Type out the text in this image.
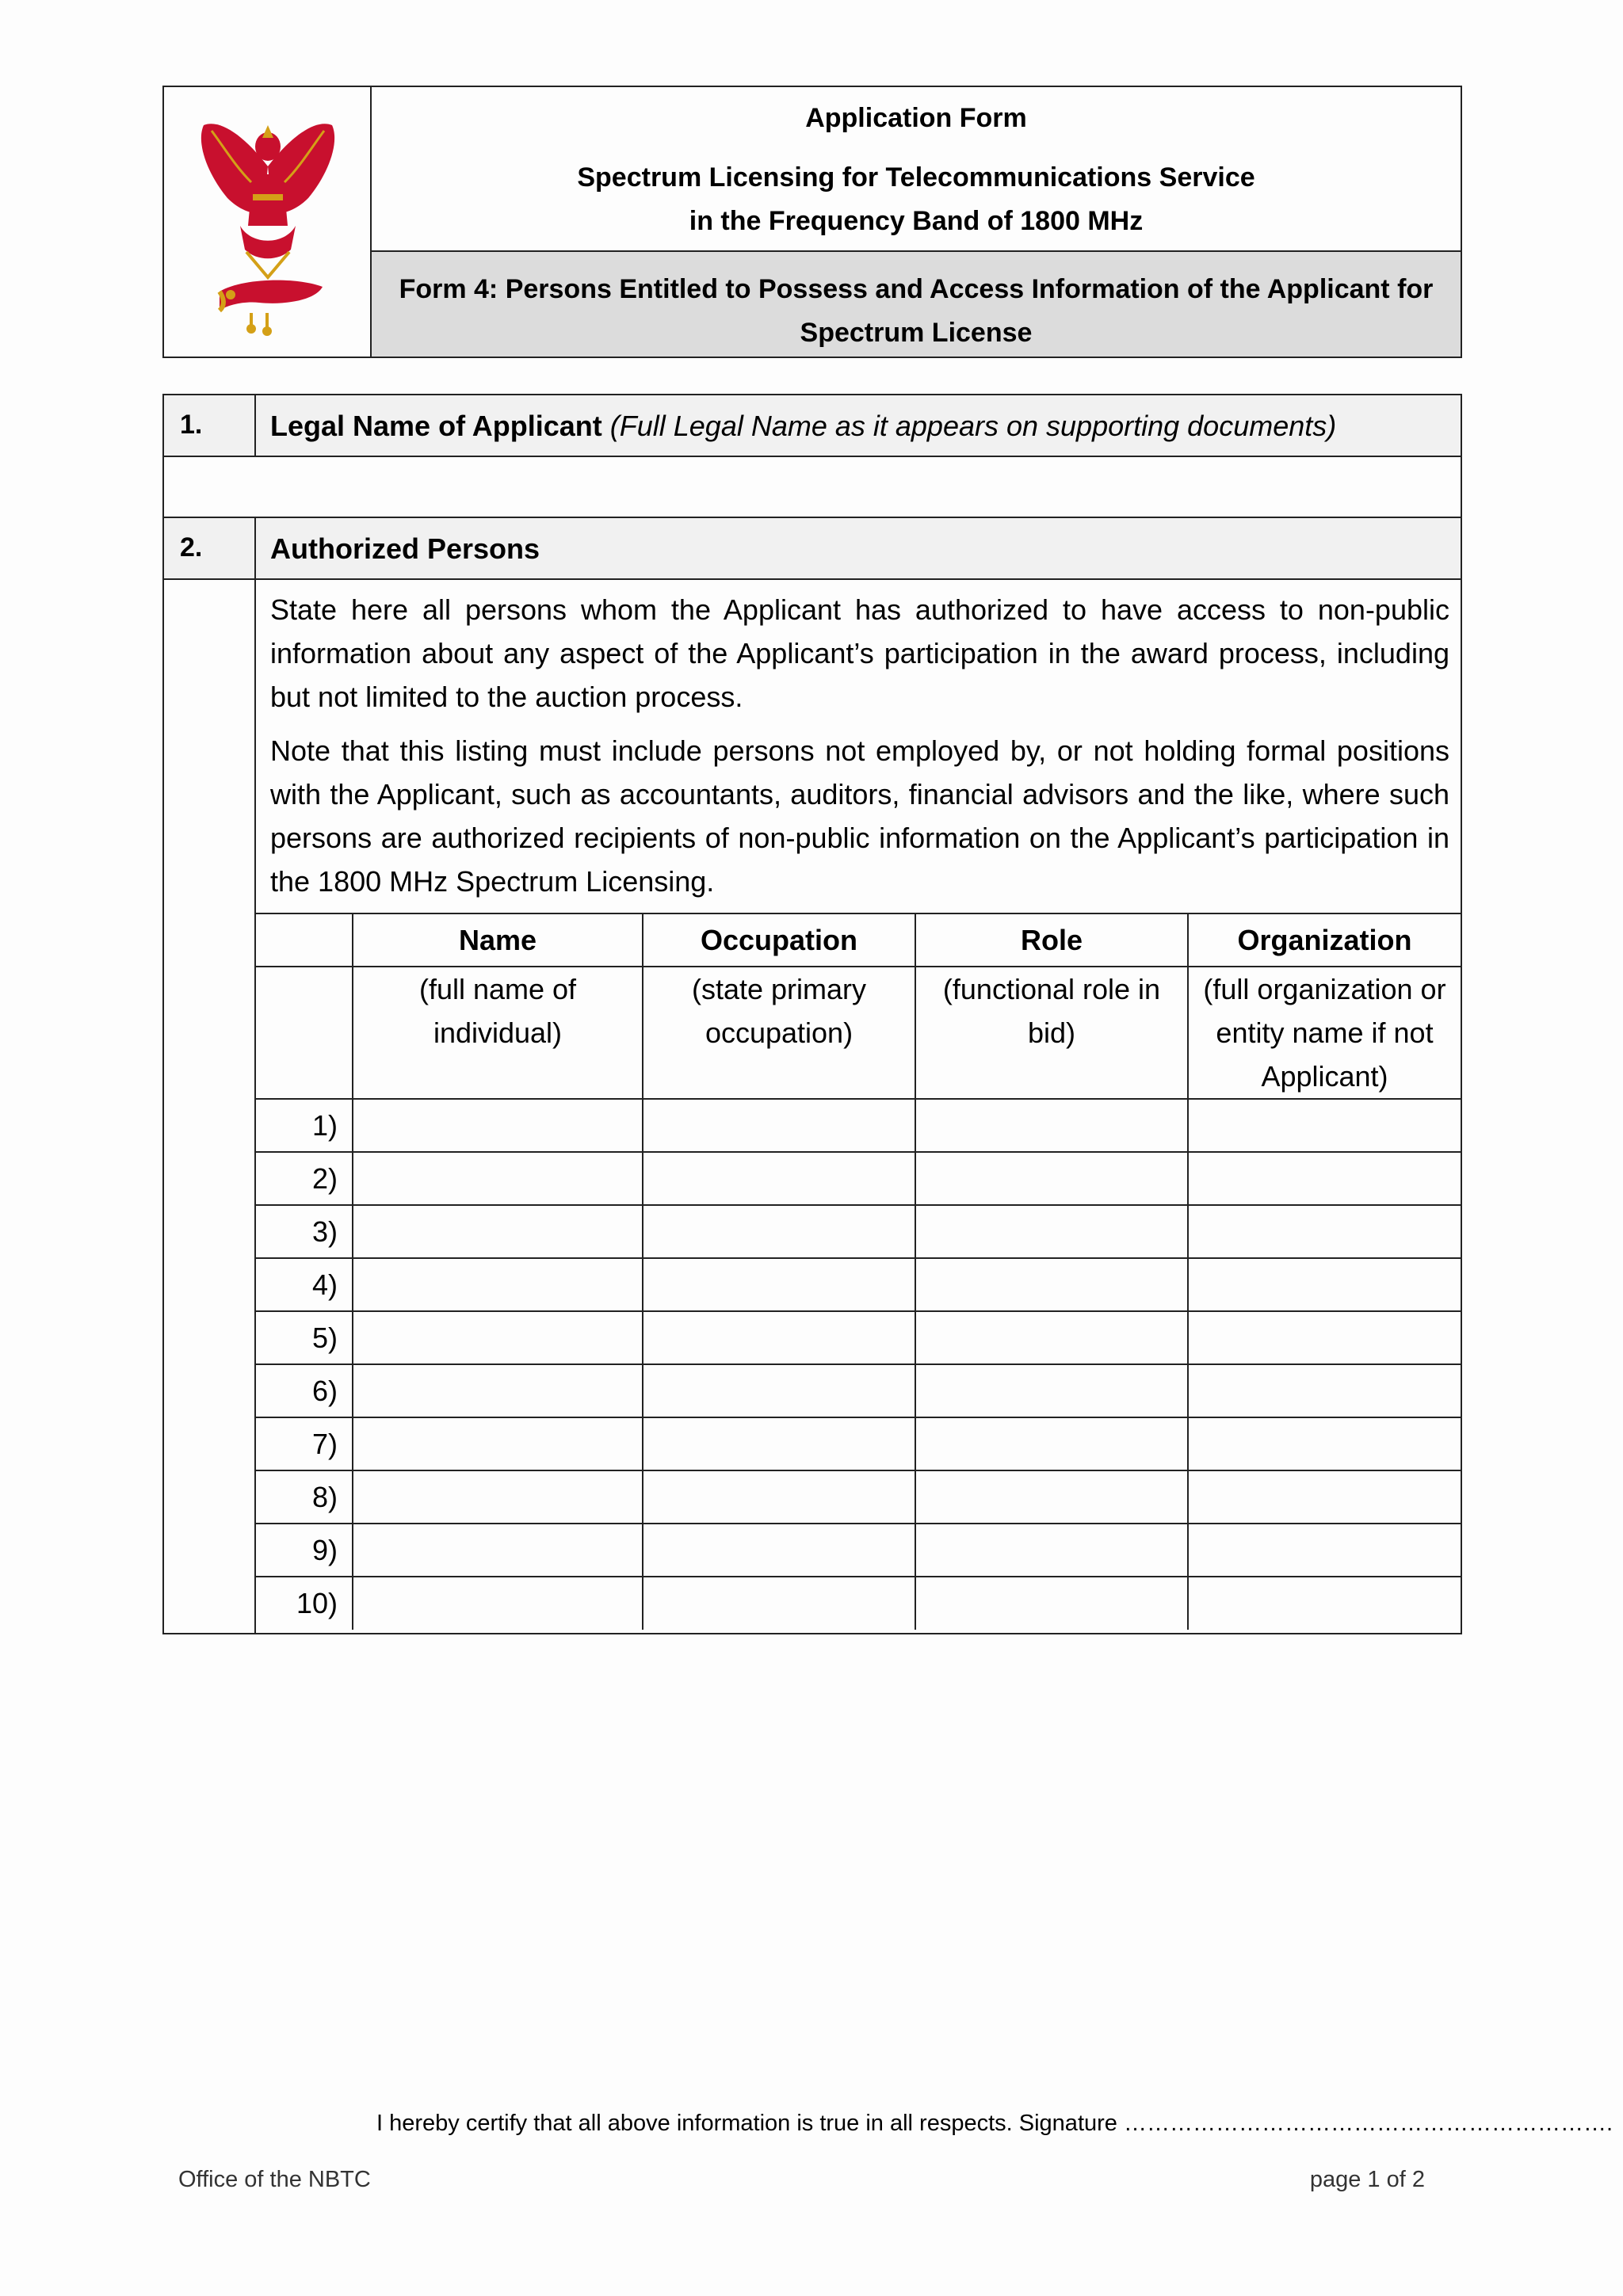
Application Form
Spectrum Licensing for Telecommunications Service
in the Frequency Band of 1800 MHz
Form 4: Persons Entitled to Possess and Access Information of the Applicant for
Spectrum License
1. Legal Name of Applicant (Full Legal Name as it appears on supporting documents)
2. Authorized Persons
State here all persons whom the Applicant has authorized to have access to non-public information about any aspect of the Applicant’s participation in the award process, including but not limited to the auction process.
Note that this listing must include persons not employed by, or not holding formal positions with the Applicant, such as accountants, auditors, financial advisors and the like, where such persons are authorized recipients of non-public information on the Applicant’s participation in the 1800 MHz Spectrum Licensing.
	Name	Occupation	Role	Organization
	(full name of individual)	(state primary occupation)	(functional role in bid)	(full organization or entity name if not Applicant)
1)				
2)				
3)				
4)				
5)				
6)				
7)				
8)				
9)				
10)				
I hereby certify that all above information is true in all respects. Signature ……………………………………………………….
Office of the NBTC	page 1 of 2
